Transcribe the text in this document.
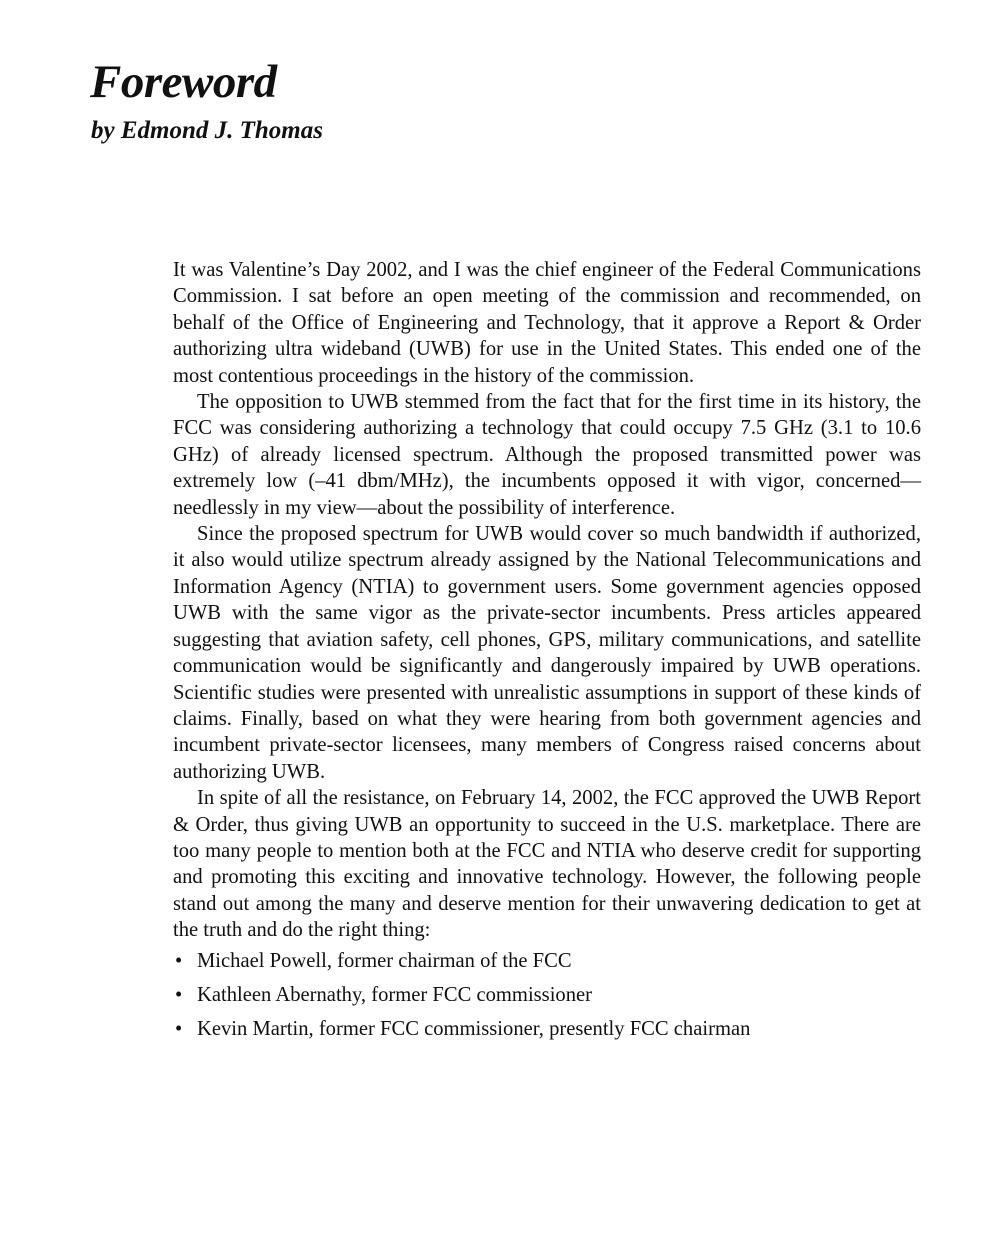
Foreword
by Edmond J. Thomas

It was Valentine’s Day 2002, and I was the chief engineer of the Federal Communications Commission. I sat before an open meeting of the commission and recommended, on behalf of the Office of Engineering and Technology, that it approve a Report & Order authorizing ultra wideband (UWB) for use in the United States. This ended one of the most contentious proceedings in the history of the commission.

The opposition to UWB stemmed from the fact that for the first time in its history, the FCC was considering authorizing a technology that could occupy 7.5 GHz (3.1 to 10.6 GHz) of already licensed spectrum. Although the proposed transmitted power was extremely low (–41 dbm/MHz), the incumbents opposed it with vigor, concerned—needlessly in my view—about the possibility of interference.

Since the proposed spectrum for UWB would cover so much bandwidth if authorized, it also would utilize spectrum already assigned by the National Telecommunications and Information Agency (NTIA) to government users. Some government agencies opposed UWB with the same vigor as the private-sector incumbents. Press articles appeared suggesting that aviation safety, cell phones, GPS, military communications, and satellite communication would be significantly and dangerously impaired by UWB operations. Scientific studies were presented with unrealistic assumptions in support of these kinds of claims. Finally, based on what they were hearing from both government agencies and incumbent private-sector licensees, many members of Congress raised concerns about authorizing UWB.

In spite of all the resistance, on February 14, 2002, the FCC approved the UWB Report & Order, thus giving UWB an opportunity to succeed in the U.S. marketplace. There are too many people to mention both at the FCC and NTIA who deserve credit for supporting and promoting this exciting and innovative technology. However, the following people stand out among the many and deserve mention for their unwavering dedication to get at the truth and do the right thing:

• Michael Powell, former chairman of the FCC
• Kathleen Abernathy, former FCC commissioner
• Kevin Martin, former FCC commissioner, presently FCC chairman
